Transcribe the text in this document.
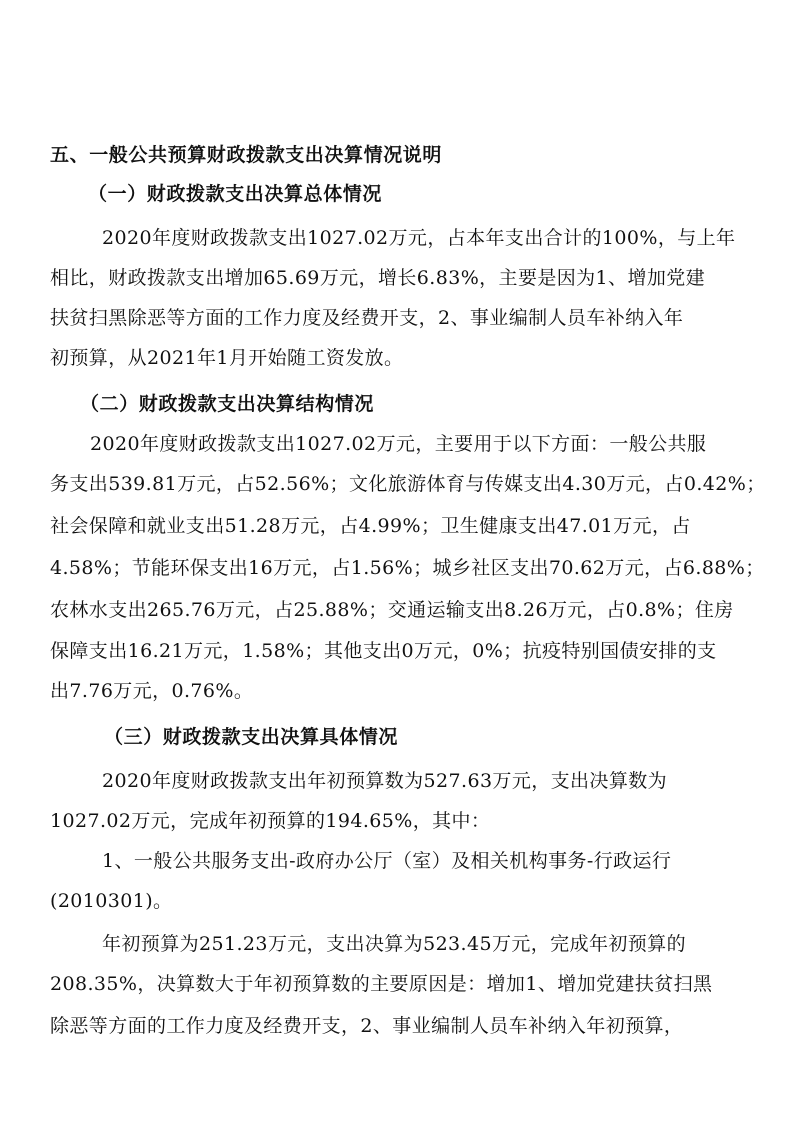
五、一般公共预算财政拨款支出决算情况说明
（一）财政拨款支出决算总体情况
2020年度财政拨款支出1027.02万元，占本年支出合计的100%，与上年
相比，财政拨款支出增加65.69万元，增长6.83%，主要是因为1、增加党建
扶贫扫黑除恶等方面的工作力度及经费开支，2、事业编制人员车补纳入年
初预算，从2021年1月开始随工资发放。
（二）财政拨款支出决算结构情况
2020年度财政拨款支出1027.02万元，主要用于以下方面：一般公共服
务支出539.81万元，占52.56%；文化旅游体育与传媒支出4.30万元，占0.42%；
社会保障和就业支出51.28万元，占4.99%；卫生健康支出47.01万元，占
4.58%；节能环保支出16万元，占1.56%；城乡社区支出70.62万元，占6.88%；
农林水支出265.76万元，占25.88%；交通运输支出8.26万元，占0.8%；住房
保障支出16.21万元，1.58%；其他支出0万元，0%；抗疫特别国债安排的支
出7.76万元，0.76%。
（三）财政拨款支出决算具体情况
2020年度财政拨款支出年初预算数为527.63万元，支出决算数为
1027.02万元，完成年初预算的194.65%，其中：
1、一般公共服务支出-政府办公厅（室）及相关机构事务-行政运行
(2010301)。
年初预算为251.23万元，支出决算为523.45万元，完成年初预算的
208.35%，决算数大于年初预算数的主要原因是：增加1、增加党建扶贫扫黑
除恶等方面的工作力度及经费开支，2、事业编制人员车补纳入年初预算，
